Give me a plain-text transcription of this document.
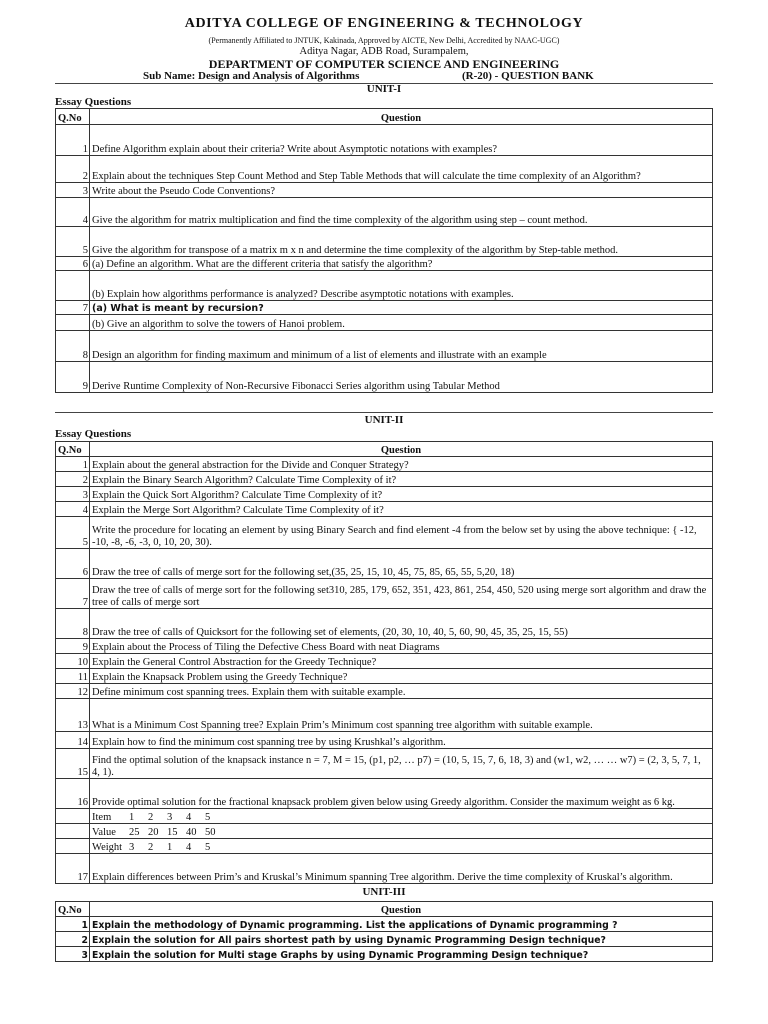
ADITYA COLLEGE OF ENGINEERING & TECHNOLOGY
(Permanently Affiliated to JNTUK, Kakinada, Approved by AICTE, New Delhi, Accredited by NAAC-UGC)
Aditya Nagar, ADB Road, Surampalem,
DEPARTMENT OF COMPUTER SCIENCE AND ENGINEERING
Sub Name: Design and Analysis of Algorithms	(R-20) - QUESTION BANK
UNIT-I
Essay Questions
Q.No	Question
1	Define Algorithm explain about their criteria? Write about Asymptotic notations with examples?
2	Explain about the techniques Step Count Method and Step Table Methods that will calculate the time complexity of an Algorithm?
3	Write about the Pseudo Code Conventions?
4	Give the algorithm for matrix multiplication and find the time complexity of the algorithm using step – count method.
5	Give the algorithm for transpose of a matrix m x n and determine the time complexity of the algorithm by Step-table method.
6	(a) Define an algorithm. What are the different criteria that satisfy the algorithm?
	(b) Explain how algorithms performance is analyzed? Describe asymptotic notations with examples.
7	(a) What is meant by recursion?
	(b) Give an algorithm to solve the towers of Hanoi problem.
8	Design an algorithm for finding maximum and minimum of a list of elements and illustrate with an example
9	Derive Runtime Complexity of Non-Recursive Fibonacci Series algorithm using Tabular Method
UNIT-II
Essay Questions
Q.No	Question
1	Explain about the general abstraction for the Divide and Conquer Strategy?
2	Explain the Binary Search Algorithm? Calculate Time Complexity of it?
3	Explain the Quick Sort Algorithm? Calculate Time Complexity of it?
4	Explain the Merge Sort Algorithm? Calculate Time Complexity of it?
5	Write the procedure for locating an element by using Binary Search and find element -4 from the below set by using the above technique: { -12, -10, -8, -6, -3, 0, 10, 20, 30).
6	Draw the tree of calls of merge sort for the following set,(35, 25, 15, 10, 45, 75, 85, 65, 55, 5,20, 18)
7	Draw the tree of calls of merge sort for the following set310, 285, 179, 652, 351, 423, 861, 254, 450, 520 using merge sort algorithm and draw the tree of calls of merge sort
8	Draw the tree of calls of Quicksort for the following set of elements, (20, 30, 10, 40, 5, 60, 90, 45, 35, 25, 15, 55)
9	Explain about the Process of Tiling the Defective Chess Board with neat Diagrams
10	Explain the General Control Abstraction for the Greedy Technique?
11	Explain the Knapsack Problem using the Greedy Technique?
12	Define minimum cost spanning trees. Explain them with suitable example.
13	What is a Minimum Cost Spanning tree? Explain Prim’s Minimum cost spanning tree algorithm with suitable example.
14	Explain how to find the minimum cost spanning tree by using Krushkal’s algorithm.
15	Find the optimal solution of the knapsack instance n = 7, M = 15, (p1, p2, … p7) = (10, 5, 15, 7, 6, 18, 3) and (w1, w2, … … w7) = (2, 3, 5, 7, 1, 4, 1).
16	Provide optimal solution for the fractional knapsack problem given below using Greedy algorithm. Consider the maximum weight as 6 kg.
	Item 1 2 3 4 5
	Value 25 20 15 40 50
	Weight 3 2 1 4 5
17	Explain differences between Prim’s and Kruskal’s Minimum spanning Tree algorithm. Derive the time complexity of Kruskal’s algorithm.
UNIT-III
Q.No	Question
1	Explain the methodology of Dynamic programming. List the applications of Dynamic programming ?
2	Explain the solution for All pairs shortest path by using Dynamic Programming Design technique?
3	Explain the solution for Multi stage Graphs by using Dynamic Programming Design technique?
